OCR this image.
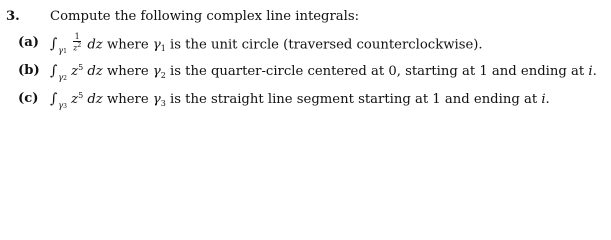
3. Compute the following complex line integrals:
(a) $\int_{\gamma 1} \frac{1}{z^2}$ dz where $\gamma_1$ is the unit circle (traversed counterclockwise).
(b) $\int_{\gamma 2}$ $z^5$ dz where $\gamma_2$ is the quarter-circle centered at 0, starting at 1 and ending at i.
(c) $\int_{\gamma 3}$ $z^5$ dz where $\gamma_3$ is the straight line segment starting at 1 and ending at i.
